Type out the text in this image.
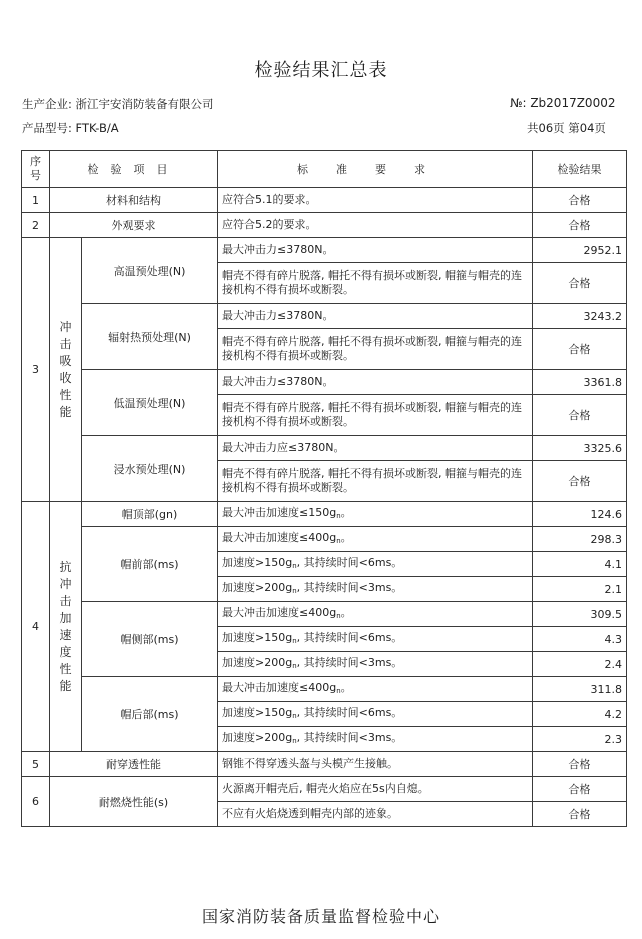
检验结果汇总表
生产企业: 浙江宇安消防装备有限公司	№: Zb2017Z0002
产品型号: FTK-B/A	共06页 第04页
序号	检验项目		标准要求	检验结果
1	材料和结构		应符合5.1的要求。	合格
2	外观要求		应符合5.2的要求。	合格
3	冲击吸收性能	高温预处理(N)	最大冲击力≤3780N。	2952.1
			帽壳不得有碎片脱落, 帽托不得有损坏或断裂, 帽箍与帽壳的连接机构不得有损坏或断裂。	合格
		辐射热预处理(N)	最大冲击力≤3780N。	3243.2
			帽壳不得有碎片脱落, 帽托不得有损坏或断裂, 帽箍与帽壳的连接机构不得有损坏或断裂。	合格
		低温预处理(N)	最大冲击力≤3780N。	3361.8
			帽壳不得有碎片脱落, 帽托不得有损坏或断裂, 帽箍与帽壳的连接机构不得有损坏或断裂。	合格
		浸水预处理(N)	最大冲击力应≤3780N。	3325.6
			帽壳不得有碎片脱落, 帽托不得有损坏或断裂, 帽箍与帽壳的连接机构不得有损坏或断裂。	合格
4	抗冲击加速度性能	帽顶部(gn)	最大冲击加速度≤150gn。	124.6
		帽前部(ms)	最大冲击加速度≤400gn。	298.3
			加速度>150gn, 其持续时间<6ms。	4.1
			加速度>200gn, 其持续时间<3ms。	2.1
		帽侧部(ms)	最大冲击加速度≤400gn。	309.5
			加速度>150gn, 其持续时间<6ms。	4.3
			加速度>200gn, 其持续时间<3ms。	2.4
		帽后部(ms)	最大冲击加速度≤400gn。	311.8
			加速度>150gn, 其持续时间<6ms。	4.2
			加速度>200gn, 其持续时间<3ms。	2.3
5	耐穿透性能		钢锥不得穿透头盔与头模产生接触。	合格
6	耐燃烧性能(s)		火源离开帽壳后, 帽壳火焰应在5s内自熄。	合格
			不应有火焰烧透到帽壳内部的迹象。	合格
国家消防装备质量监督检验中心
